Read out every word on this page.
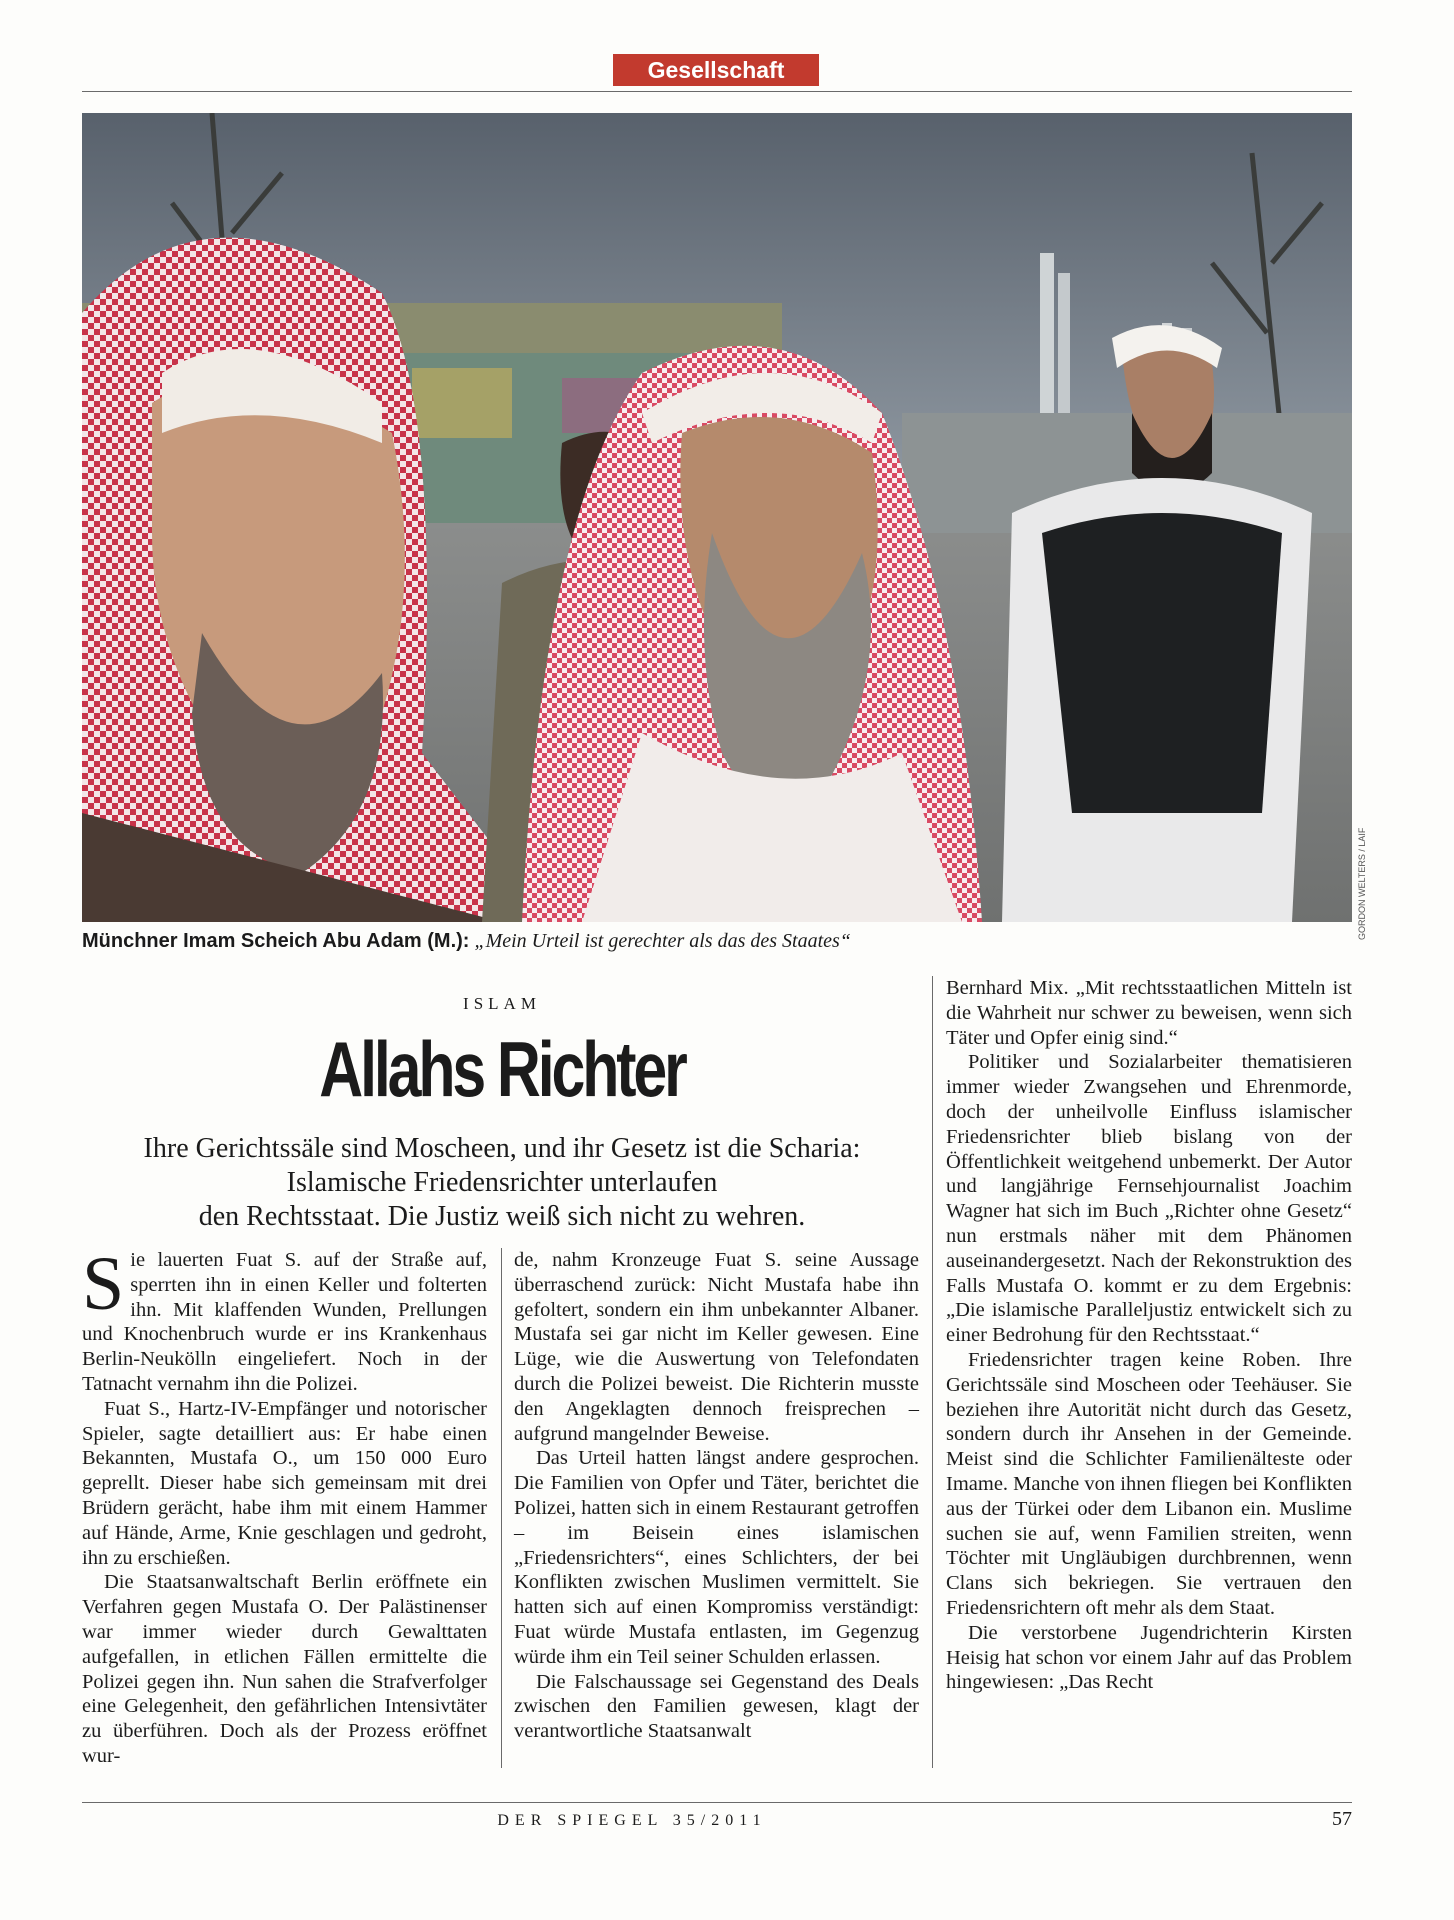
Gesellschaft
GORDON WELTERS / LAIF
Münchner Imam Scheich Abu Adam (M.): „Mein Urteil ist gerechter als das des Staates“
ISLAM
Allahs Richter
Ihre Gerichtssäle sind Moscheen, und ihr Gesetz ist die Scharia:
Islamische Friedensrichter unterlaufen
den Rechtsstaat. Die Justiz weiß sich nicht zu wehren.

Sie lauerten Fuat S. auf der Straße auf, sperrten ihn in einen Keller und folterten ihn. Mit klaffenden Wunden, Prellungen und Knochenbruch wurde er ins Krankenhaus Berlin-Neukölln eingeliefert. Noch in der Tatnacht vernahm ihn die Polizei.

Fuat S., Hartz-IV-Empfänger und notorischer Spieler, sagte detailliert aus: Er habe einen Bekannten, Mustafa O., um 150 000 Euro geprellt. Dieser habe sich gemeinsam mit drei Brüdern gerächt, habe ihm mit einem Hammer auf Hände, Arme, Knie geschlagen und gedroht, ihn zu erschießen.

Die Staatsanwaltschaft Berlin eröffnete ein Verfahren gegen Mustafa O. Der Palästinenser war immer wieder durch Gewalttaten aufgefallen, in etlichen Fällen ermittelte die Polizei gegen ihn. Nun sahen die Strafverfolger eine Gelegenheit, den gefährlichen Intensivtäter zu überführen. Doch als der Prozess eröffnet wur-

de, nahm Kronzeuge Fuat S. seine Aussage überraschend zurück: Nicht Mustafa habe ihn gefoltert, sondern ein ihm unbekannter Albaner. Mustafa sei gar nicht im Keller gewesen. Eine Lüge, wie die Auswertung von Telefondaten durch die Polizei beweist. Die Richterin musste den Angeklagten dennoch freisprechen – aufgrund mangelnder Beweise.

Das Urteil hatten längst andere gesprochen. Die Familien von Opfer und Täter, berichtet die Polizei, hatten sich in einem Restaurant getroffen – im Beisein eines islamischen „Friedensrichters“, eines Schlichters, der bei Konflikten zwischen Muslimen vermittelt. Sie hatten sich auf einen Kompromiss verständigt: Fuat würde Mustafa entlasten, im Gegenzug würde ihm ein Teil seiner Schulden erlassen.

Die Falschaussage sei Gegenstand des Deals zwischen den Familien gewesen, klagt der verantwortliche Staatsanwalt

Bernhard Mix. „Mit rechtsstaatlichen Mitteln ist die Wahrheit nur schwer zu beweisen, wenn sich Täter und Opfer einig sind.“

Politiker und Sozialarbeiter thematisieren immer wieder Zwangsehen und Ehrenmorde, doch der unheilvolle Einfluss islamischer Friedensrichter blieb bislang von der Öffentlichkeit weitgehend unbemerkt. Der Autor und langjährige Fernsehjournalist Joachim Wagner hat sich im Buch „Richter ohne Gesetz“ nun erstmals näher mit dem Phänomen auseinandergesetzt. Nach der Rekonstruktion des Falls Mustafa O. kommt er zu dem Ergebnis: „Die islamische Paralleljustiz entwickelt sich zu einer Bedrohung für den Rechtsstaat.“

Friedensrichter tragen keine Roben. Ihre Gerichtssäle sind Moscheen oder Teehäuser. Sie beziehen ihre Autorität nicht durch das Gesetz, sondern durch ihr Ansehen in der Gemeinde. Meist sind die Schlichter Familienälteste oder Imame. Manche von ihnen fliegen bei Konflikten aus der Türkei oder dem Libanon ein. Muslime suchen sie auf, wenn Familien streiten, wenn Töchter mit Ungläubigen durchbrennen, wenn Clans sich bekriegen. Sie vertrauen den Friedensrichtern oft mehr als dem Staat.

Die verstorbene Jugendrichterin Kirsten Heisig hat schon vor einem Jahr auf das Problem hingewiesen: „Das Recht

DER SPIEGEL 35/2011	57
